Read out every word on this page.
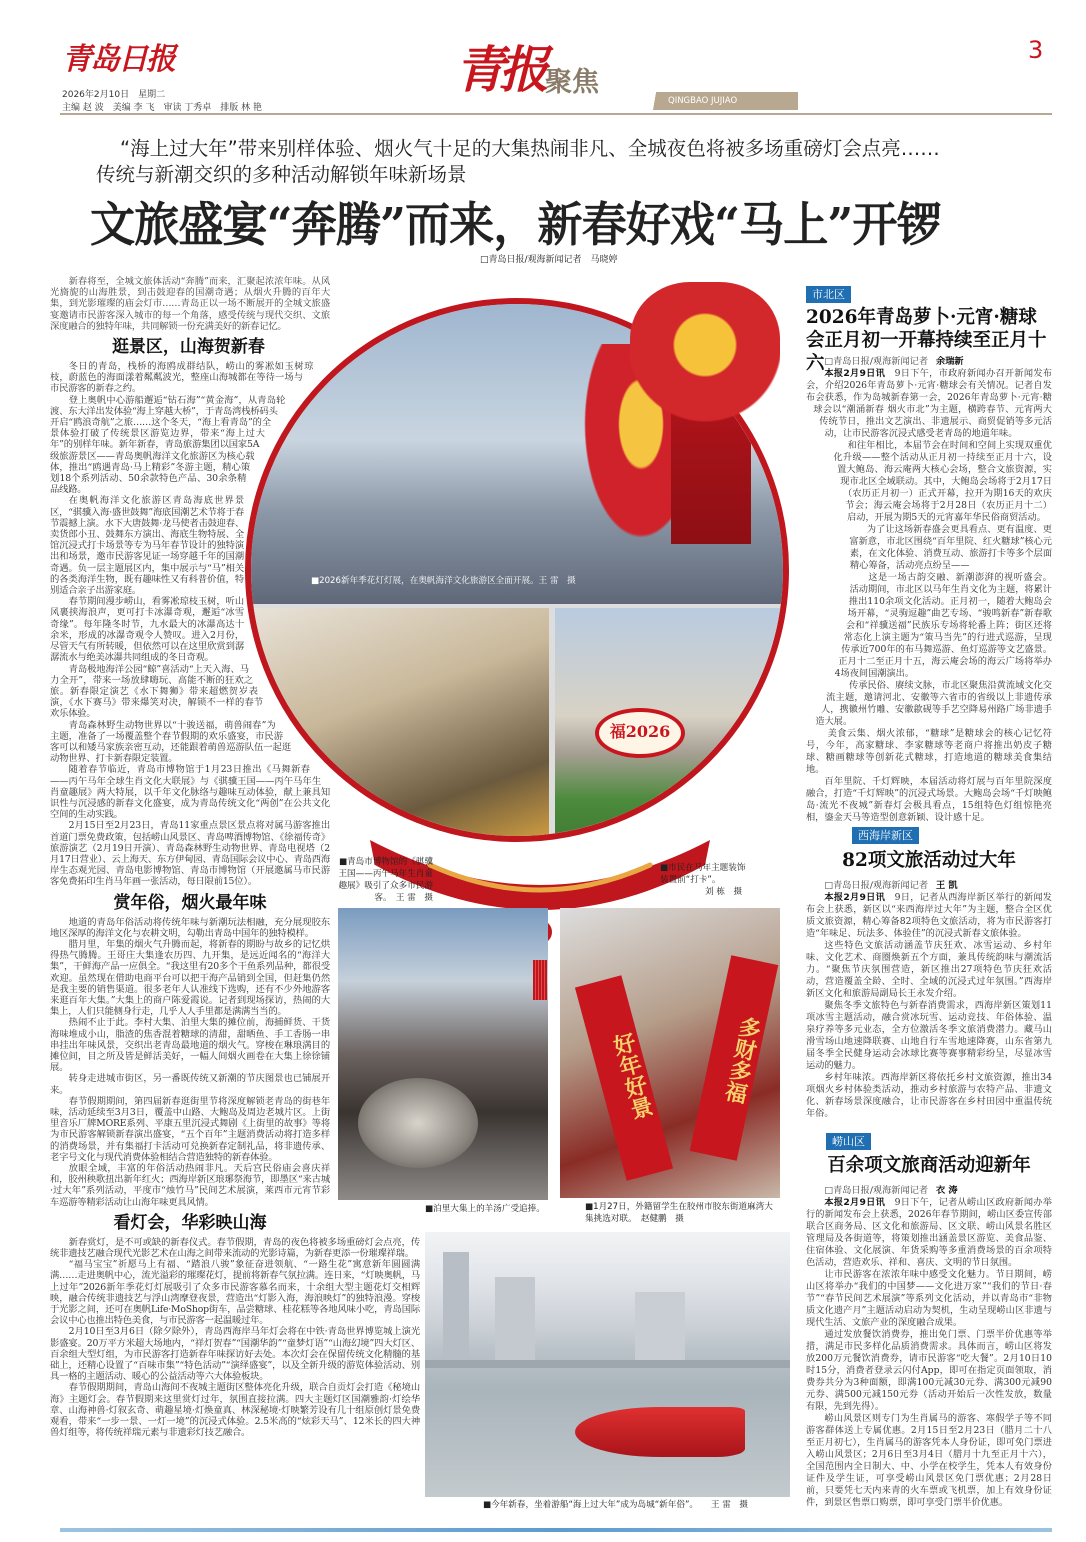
青岛日报
2026年2月10日　星期二
主编 赵 波　美编 李 飞　审读 丁秀卓　排版 林 艳
青报 聚焦
QINGBAO JUJIAO
3
“海上过大年”带来别样体验、烟火气十足的大集热闹非凡、全城夜色将被多场重磅灯会点亮……
传统与新潮交织的多种活动解锁年味新场景
文旅盛宴“奔腾”而来，新春好戏“马上”开锣
□青岛日报/观海新闻记者　马晓婷

新春将至，全城文旅体活动“奔腾”而来，汇聚起浓浓年味。从风光旖旎的山海胜景，到击鼓迎春的国潮奇遇；从烟火升腾的百年大集，到光影璀璨的庙会灯市……青岛正以一场不断展开的全城文旅盛宴邀请市民游客深入城市的每一个角落，感受传统与现代交织、文旅深度融合的独特年味，共同解锁一份充满美好的新春记忆。

逛景区，山海贺新春

冬日的青岛，栈桥的海鸥成群结队，崂山的雾凇如玉树琼枝，蔚蓝色的海面漾着粼粼波光，整座山海城都在等待一场与市民游客的新春之约。

登上奥帆中心游船邂逅“钻石海”“黄金海”，从青岛轮渡、东大洋出发体验“海上穿越大桥”，于青岛湾栈桥码头开启“鸥浪奇航”之旅……这个冬天，“海上看青岛”的全景体验打破了传统景区游览边界，带来“海上过大年”的别样年味。新年新春，青岛旅游集团以国家5A级旅游景区——青岛奥帆海洋文化旅游区为核心载体，推出“鸥遇青岛·马上精彩”冬游主题，精心策划18个系列活动、50余款特色产品、30余条精品线路。

在奥帆海洋文化旅游区青岛海底世界景区，“骐骥入海·盛世鼓舞”海底国潮艺术节将于春节震撼上演。水下大唐鼓舞·龙马使者击鼓迎春、卖货郎小丑、鼓舞东方演出、海底生物特展、全馆沉浸式打卡场景等专为马年春节设计的独特演出和场景，邀市民游客见证一场穿越千年的国潮奇遇。负一层主题展区内，集中展示与“马”相关的各类海洋生物，既有趣味性又有科普价值，特别适合亲子出游家庭。

春节期间漫步崂山，看雾凇琼枝玉树，听山风裹挟海浪声，更可打卡冰瀑奇观，邂逅“冰雪奇缘”。每年隆冬时节，九水最大的冰瀑高达十余米，形成的冰瀑奇观令人赞叹。进入2月份，尽管天气有所转暖，但依然可以在这里欣赏到潺潺流水与绝美冰瀑共同组成的冬日奇观。

青岛极地海洋公园“鲸”喜活动“上天入海、马力全开”，带来一场放肆嗨玩、高能不断的狂欢之旅。新春限定演艺《水下舞狮》带来超燃贺岁表演，《水下赛马》带来爆笑对决，解锁不一样的春节欢乐体验。

青岛森林野生动物世界以“十骏送福，萌兽闹春”为主题，准备了一场覆盖整个春节假期的欢乐盛宴，市民游客可以和矮马家族亲密互动，还能跟着萌兽巡游队伍一起逛动物世界、打卡新春限定装置。

随着春节临近，青岛市博物馆于1月23日推出《马舞新春——丙午马年全球生肖文化大联展》与《骐骥王国——丙午马年生肖童趣展》两大特展，以千年文化脉络与趣味互动体验，献上兼具知识性与沉浸感的新春文化盛宴，成为青岛传统文化“两创”在公共文化空间的生动实践。

2月15日至2月23日，青岛11家重点景区景点将对属马游客推出首道门票免费政策，包括崂山风景区、青岛啤酒博物馆、《徐福传奇》旅游演艺（2月19日开演）、青岛森林野生动物世界、青岛电视塔（2月17日营业）、云上海天、东方伊甸园、青岛国际会议中心、青岛西海岸生态观光园、青岛电影博物馆、青岛市博物馆（开展邀属马市民游客免费拓印生肖马年画一张活动，每日限前15位）。

赏年俗，烟火最年味

地道的青岛年俗活动将传统年味与新潮玩法相融，充分展现胶东地区深厚的海洋文化与农耕文明，勾勒出青岛中国年的独特模样。

腊月里，年集的烟火气升腾而起，将新春的期盼与故乡的记忆烘得热气腾腾。王哥庄大集逢农历四、九开集，是远近闻名的“海洋大集”，干鲜海产品一应俱全。“我这里有20多个干鱼系列品种，都很受欢迎。虽然现在借助电商平台可以把干海产品销到全国，但赶集仍然是我主要的销售渠道。很多老年人认准线下选购，还有不少外地游客来逛百年大集。”大集上的商户陈爱霞说。记者到现场探访，热闹的大集上，人们只能侧身行走，几乎人人手里都是满满当当的。

热闹不止于此。李村大集、泊里大集的摊位前，海捕鲜货、干货海味堆成小山，脂渣的焦香混着糖球的清甜，甜晒鱼、手工香肠一串串挂出年味风景，交织出老青岛最地道的烟火气。穿梭在琳琅满目的摊位间，目之所及皆是鲜活美好，一幅人间烟火画卷在大集上徐徐铺展。

转身走进城市街区，另一番既传统又新潮的节庆图景也已铺展开来。

春节假期期间，第四届新春逛街里节将深度解锁老青岛的街巷年味，活动延续至3月3日，覆盖中山路、大鲍岛及周边老城片区。上街里音乐厂牌MORE系列、平康五里沉浸式舞剧《上街里的故事》等将为市民游客解锁新春演出盛宴，“五个百年”主题消费活动将打造多样的消费场景，并有集福打卡活动可兑换新春定制礼品，将非遗传承、老字号文化与现代消费体验相结合营造独特的新春体验。

放眼全域，丰富的年俗活动热闹非凡。天后宫民俗庙会喜庆祥和，胶州秧歌扭出新年红火；西海岸新区琅琊祭海节，即墨区“来古城·过大年”系列活动，平度市“烛竹马”民间艺术展演，莱西市元宵节彩车巡游等精彩活动让山海年味更具风情。

看灯会，华彩映山海

新春赏灯，是不可或缺的新春仪式。春节假期，青岛的夜色将被多场重磅灯会点亮，传统非遗技艺融合现代光影艺术在山海之间带来流动的光影诗篇，为新春更添一份璀璨祥瑞。

“福马宝宝”祈愿马上有福、“踏浪八骏”象征奋进领航、“一路生花”寓意新年圆圆满满……走进奥帆中心，流光溢彩的璀璨花灯，提前将新春气氛拉满。连日来，“灯映奥帆，马上过年”2026新年季花灯灯展吸引了众多市民游客慕名而来，十余组大型主题花灯交相辉映，融合传统非遗技艺与浮山湾摩登夜景，营造出“灯影入海，海浪映灯”的独特浪漫。穿梭于光影之间，还可在奥帆Life·MoShop街车，品尝糖球、桂花糕等各地风味小吃，青岛国际会议中心也推出特色美食，与市民游客一起温暖过年。

2月10日至3月6日（除夕除外），青岛西海岸马年灯会将在中铁·青岛世界博览城上演光影盛宴。20万平方米超大场地内，“祥灯贺春”“国潮华韵”“童梦灯语”“山海幻境”四大灯区、百余组大型灯组，为市民游客打造新春年味探访好去处。本次灯会在保留传统文化精髓的基础上，还精心设置了“百味市集”“特色活动”“演绎盛宴”，以及全新升级的游览体验活动、别具一格的主题活动、暖心的公益活动等六大体验板块。

春节假期期间，青岛山海间不夜城主题街区整体亮化升级，联合自贡灯会打造《秘境山海》主题灯会。春节假期来这里赏灯过年，氛围直接拉满。四大主题灯区国潮雅韵·灯绘华章、山海神兽·灯叙玄奇、萌趣星境·灯焕童真、林深秘境·灯映繁芳设有几十组原创灯景免费观看，带来“一步一景、一灯一境”的沉浸式体验。2.5米高的“炫彩天马”、12米长的四大神兽灯组等，将传统祥瑞元素与非遗彩灯技艺融合。

■2026新年季花灯灯展，在奥帆海洋文化旅游区全面开展。王 雷　摄
福2026
■青岛市博物馆的《骐骥王国——丙午马年生肖童趣展》吸引了众多市民游客。　王 雷　摄
■市民在马年主题装饰装置前“打卡”。
刘 栋　摄
好年好景	多财多福
■泊里大集上的羊汤广受追捧。	■1月27日，外籍留学生在胶州市胶东街道麻湾大集挑选对联。　赵健鹏　摄
■今年新春，坐着游船“海上过大年”成为岛城“新年俗”。　　王 雷　摄
市北区
2026年青岛萝卜·元宵·糖球会正月初一开幕持续至正月十六 □青岛日报/观海新闻记者 余瑞新

本报2月9日讯　 9日下午，市政府新闻办召开新闻发布会，介绍2026年青岛萝卜·元宵·糖球会有关情况。记者自发布会获悉，作为岛城新春第一会，2026年青岛萝卜·元宵·糖球会以“潮涌新春 烟火市北”为主题，横跨春节、元宵两大传统节日，推出文艺演出、非遗展示、商贸促销等多元活动，让市民游客沉浸式感受老青岛的地道年味。

和往年相比，本届节会在时间和空间上实现双重优化升级——整个活动从正月初一持续至正月十六，设置大鲍岛、海云庵两大核心会场，整合文旅资源，实现市北区全域联动。其中，大鲍岛会场将于2月17日（农历正月初一）正式开幕，拉开为期16天的欢庆节会；海云庵会场将于2月28日（农历正月十二）启动，开展为期5天的元宵嘉年华民俗商贸活动。

为了让这场新春盛会更具看点、更有温度、更富新意，市北区围绕“百年里院、红火糖球”核心元素，在文化体验、消费互动、旅游打卡等多个层面精心筹备，活动亮点纷呈——

这是一场古韵交融、新潮澎湃的视听盛会。活动期间，市北区以马年生肖文化为主题，将累计推出110余项文化活动。正月初一，随着大鲍岛会场开幕，“灵驹逗趣”曲艺专场、“骏鸣新春”新春歌会和“祥骥送福”民族乐专场将轮番上阵；街区还将常态化上演主题为“策马当先”的行进式巡游，呈现传承近700年的布马舞巡游、鱼灯巡游等文艺盛景。正月十二至正月十五，海云庵会场的海云广场将举办4场夜间国潮演出。

传承民俗、赓续文脉，市北区聚焦沿黄流域文化交流主题，邀请河北、安徽等六省市的省级以上非遗传承人，携徽州竹雕、安徽歙砚等手艺空降易州路广场非遗手造大展。

美食云集、烟火浓郁，“糖球”是糖球会的核心记忆符号，今年，高家糖球、李家糖球等老商户将推出奶皮子糖球、糖画糖球等创新花式糖球，打造地道的糖球美食集结地。

百年里院、千灯辉映，本届活动将灯展与百年里院深度融合，打造“千灯辉映”的沉浸式场景。大鲍岛会场“千灯映鲍岛·流光不夜城”新春灯会极具看点，15组特色灯组惊艳亮相，鎏金天马等造型创意新颖、设计感十足。

西海岸新区
82项文旅活动过大年
□青岛日报/观海新闻记者 王 凯

本报2月9日讯　 9日，记者从西海岸新区举行的新闻发布会上获悉，新区以“来西海岸过大年”为主题，整合全区优质文旅资源，精心筹备82项特色文旅活动，将为市民游客打造“年味足、玩法多、体验佳”的沉浸式新春文旅体验。

这些特色文旅活动涵盖节庆狂欢、冰雪运动、乡村年味、文化艺术、商圈焕新五个方面，兼具传统韵味与潮流活力。“聚焦节庆氛围营造，新区推出27项特色节庆狂欢活动，营造覆盖全龄、全时、全域的沉浸式过年氛围。”西海岸新区文化和旅游局副局长王永发介绍。

聚焦冬季文旅特色与新春消费需求，西海岸新区策划11项冰雪主题活动，融合赏冰玩雪、运动竞技、年俗体验、温泉疗养等多元业态，全方位激活冬季文旅消费潜力。藏马山滑雪场山地速降联赛、山地自行车雪地速降赛，山东省第九届冬季全民健身运动会冰球比赛等赛事精彩纷呈，尽显冰雪运动的魅力。

乡村年味浓。西海岸新区将依托乡村文旅资源，推出34项烟火乡村体验类活动，推动乡村旅游与农特产品、非遗文化、新春场景深度融合，让市民游客在乡村田园中重温传统年俗。

崂山区
百余项文旅商活动迎新年
□青岛日报/观海新闻记者 衣 涛

本报2月9日讯　 9日下午，记者从崂山区政府新闻办举行的新闻发布会上获悉，2026年春节期间，崂山区委宣传部联合区商务局、区文化和旅游局、区文联、崂山风景名胜区管理局及各街道等，将策划推出涵盖景区游览、美食品鉴、住宿体验、文化展演、年货采购等多重消费场景的百余项特色活动，营造欢乐、祥和、喜庆、文明的节日氛围。

让市民游客在浓浓年味中感受文化魅力。节日期间，崂山区将举办“我们的中国梦——文化进万家”“我们的节日·春节”“春节民间艺术展演”等系列文化活动，并以青岛市“非物质文化遗产月”主题活动启动为契机，生动呈现崂山区非遗与现代生活、文旅产业的深度融合成果。

通过发放餐饮消费券，推出免门票、门票半价优惠等举措，满足市民多样化品质消费需求。具体而言，崂山区将发放200万元餐饮消费券，请市民游客“吃大餐”。2月10日10时15分，消费者登录云闪付App，即可在指定页面领取，消费券共分为3种面额，即满100元减30元券、满300元减90元券、满500元减150元券（活动开始后一次性发放，数量有限，先到先得）。

崂山风景区则专门为生肖属马的游客、寒假学子等不同游客群体送上专属优惠。2月15日至2月23日（腊月二十八至正月初七），生肖属马的游客凭本人身份证，即可免门票进入崂山风景区；2月6日至3月4日（腊月十九至正月十六），全国范围内全日制大、中、小学在校学生，凭本人有效身份证件及学生证，可享受崂山风景区免门票优惠；2月28日前，只要凭七天内来青的火车票或飞机票，加上有效身份证件，到景区售票口购票，即可享受门票半价优惠。
